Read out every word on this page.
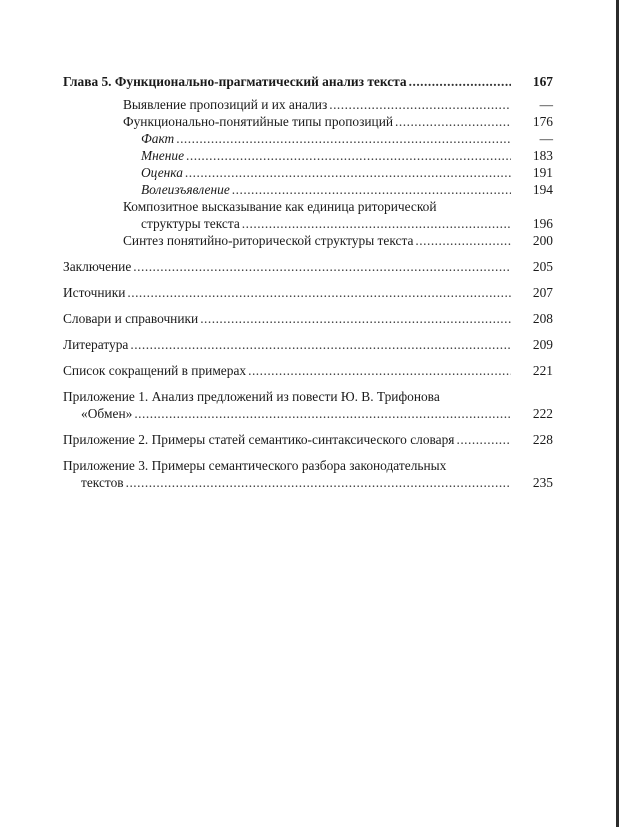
Глава 5. Функционально-прагматический анализ текста .....	167
Выявление пропозиций и их анализ .....	—
Функционально-понятийные типы пропозиций .....	176
Факт .....	—
Мнение .....	183
Оценка .....	191
Волеизъявление .....	194
Композитное высказывание как единица риторической
структуры текста .....	196
Синтез понятийно-риторической структуры текста .....	200
Заключение .....	205
Источники .....	207
Словари и справочники .....	208
Литература .....	209
Список сокращений в примерах .....	221
Приложение 1. Анализ предложений из повести Ю. В. Трифонова
«Обмен» .....	222
Приложение 2. Примеры статей семантико-синтаксического словаря .....	228
Приложение 3. Примеры семантического разбора законодательных
текстов .....	235
